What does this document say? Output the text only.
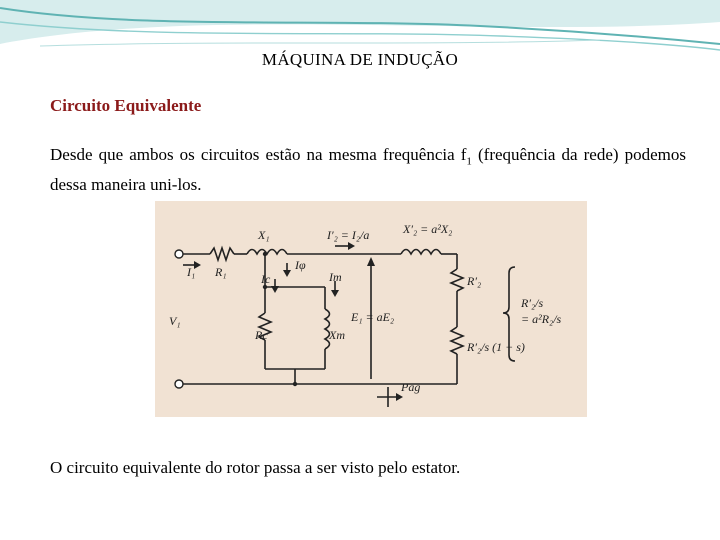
MÁQUINA DE INDUÇÃO
Circuito Equivalente
Desde que ambos os circuitos estão na mesma frequência $f_1$ (frequência da rede) podemos dessa maneira uni-los.
X₁
R₁
I₁
I′₂ = I₂/a	X′₂ = a²X₂
Iφ
Ic	Im
Rc	Xm
E₁ = aE₂
V₁
R′₂
R′₂/s (1 − s)
R′₂/s
= a²R₂/s
Pag
O circuito equivalente do rotor passa a ser visto pelo estator.
